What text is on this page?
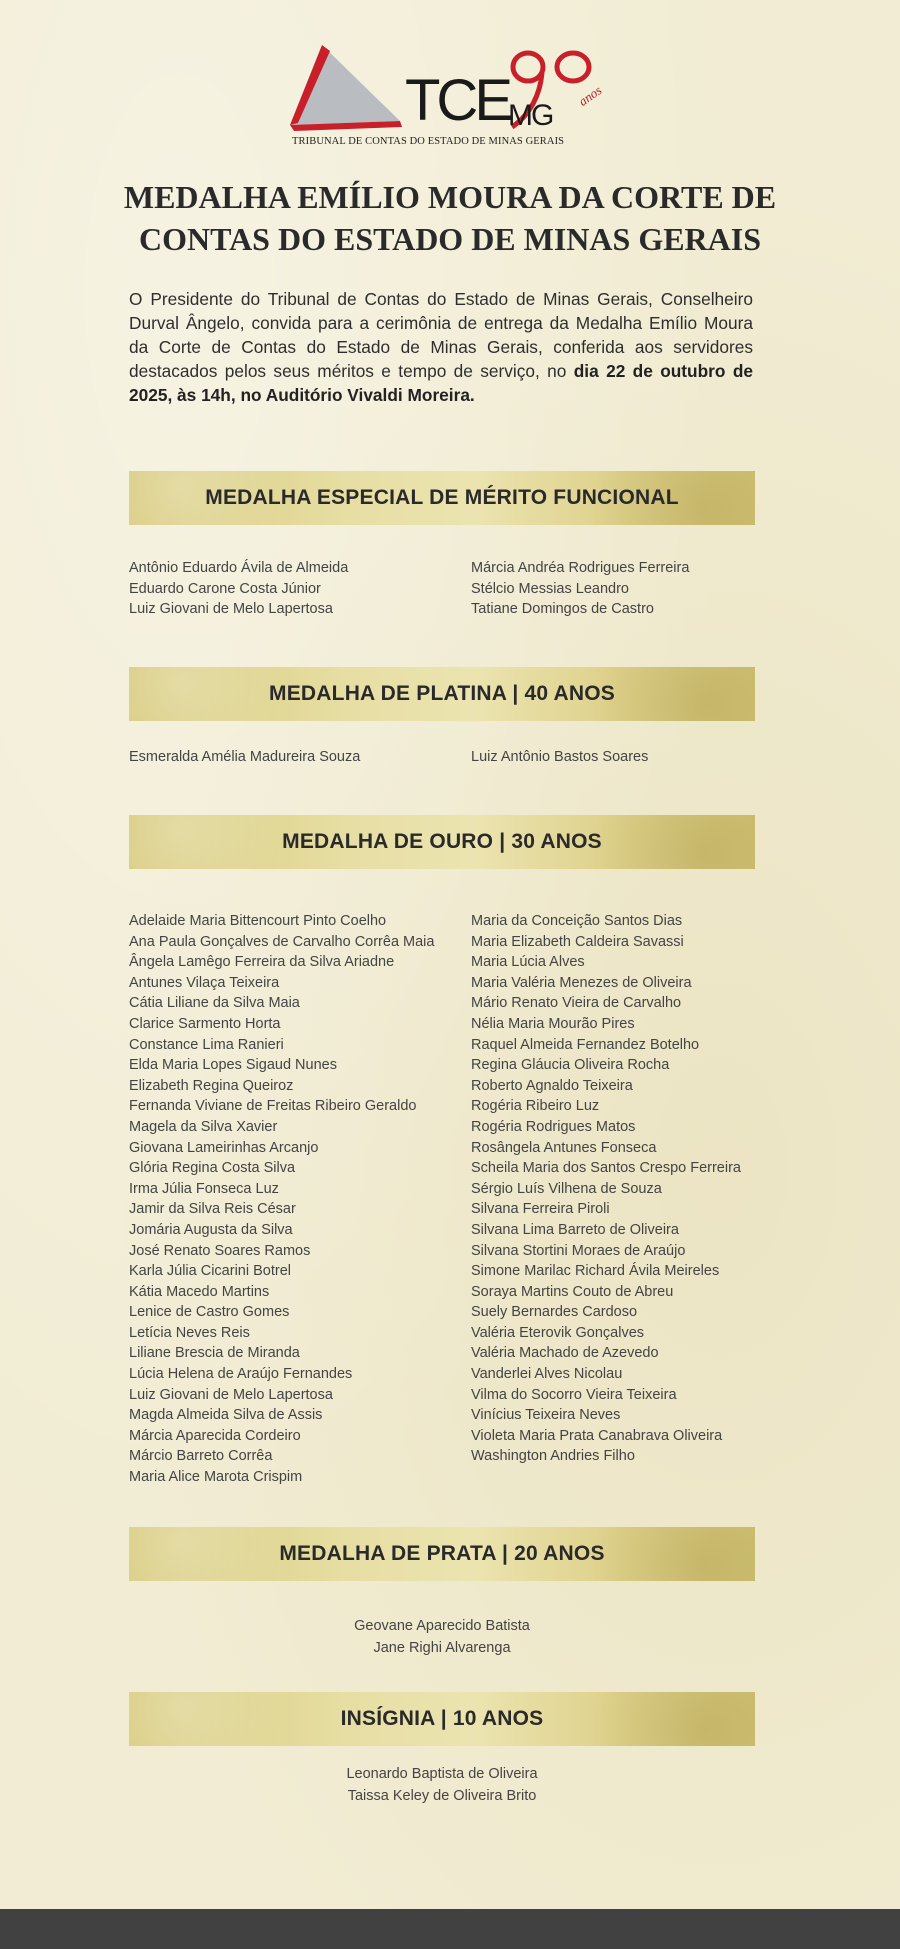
TCE MG
anos
TRIBUNAL DE CONTAS DO ESTADO DE MINAS GERAIS
MEDALHA EMÍLIO MOURA DA CORTE DE CONTAS DO ESTADO DE MINAS GERAIS

O Presidente do Tribunal de Contas do Estado de Minas Gerais, Conselheiro Durval Ângelo, convida para a cerimônia de entrega da Medalha Emílio Moura da Corte de Contas do Estado de Minas Gerais, conferida aos servidores destacados pelos seus méritos e tempo de serviço, no dia 22 de outubro de 2025, às 14h, no Auditório Vivaldi Moreira.

MEDALHA ESPECIAL DE MÉRITO FUNCIONAL
Antônio Eduardo Ávila de Almeida
Eduardo Carone Costa Júnior
Luiz Giovani de Melo Lapertosa
Márcia Andréa Rodrigues Ferreira
Stélcio Messias Leandro
Tatiane Domingos de Castro
MEDALHA DE PLATINA | 40 ANOS
Esmeralda Amélia Madureira Souza	Luiz Antônio Bastos Soares
MEDALHA DE OURO | 30 ANOS
Adelaide Maria Bittencourt Pinto Coelho
Ana Paula Gonçalves de Carvalho Corrêa Maia
Ângela Lamêgo Ferreira da Silva Ariadne
Antunes Vilaça Teixeira
Cátia Liliane da Silva Maia
Clarice Sarmento Horta
Constance Lima Ranieri
Elda Maria Lopes Sigaud Nunes
Elizabeth Regina Queiroz
Fernanda Viviane de Freitas Ribeiro Geraldo
Magela da Silva Xavier
Giovana Lameirinhas Arcanjo
Glória Regina Costa Silva
Irma Júlia Fonseca Luz
Jamir da Silva Reis César
Jomária Augusta da Silva
José Renato Soares Ramos
Karla Júlia Cicarini Botrel
Kátia Macedo Martins
Lenice de Castro Gomes
Letícia Neves Reis
Liliane Brescia de Miranda
Lúcia Helena de Araújo Fernandes
Luiz Giovani de Melo Lapertosa
Magda Almeida Silva de Assis
Márcia Aparecida Cordeiro
Márcio Barreto Corrêa
Maria Alice Marota Crispim
Maria da Conceição Santos Dias
Maria Elizabeth Caldeira Savassi
Maria Lúcia Alves
Maria Valéria Menezes de Oliveira
Mário Renato Vieira de Carvalho
Nélia Maria Mourão Pires
Raquel Almeida Fernandez Botelho
Regina Gláucia Oliveira Rocha
Roberto Agnaldo Teixeira
Rogéria Ribeiro Luz
Rogéria Rodrigues Matos
Rosângela Antunes Fonseca
Scheila Maria dos Santos Crespo Ferreira
Sérgio Luís Vilhena de Souza
Silvana Ferreira Piroli
Silvana Lima Barreto de Oliveira
Silvana Stortini Moraes de Araújo
Simone Marilac Richard Ávila Meireles
Soraya Martins Couto de Abreu
Suely Bernardes Cardoso
Valéria Eterovik Gonçalves
Valéria Machado de Azevedo
Vanderlei Alves Nicolau
Vilma do Socorro Vieira Teixeira
Vinícius Teixeira Neves
Violeta Maria Prata Canabrava Oliveira
Washington Andries Filho
MEDALHA DE PRATA | 20 ANOS
Geovane Aparecido Batista
Jane Righi Alvarenga
INSÍGNIA | 10 ANOS
Leonardo Baptista de Oliveira
Taissa Keley de Oliveira Brito
